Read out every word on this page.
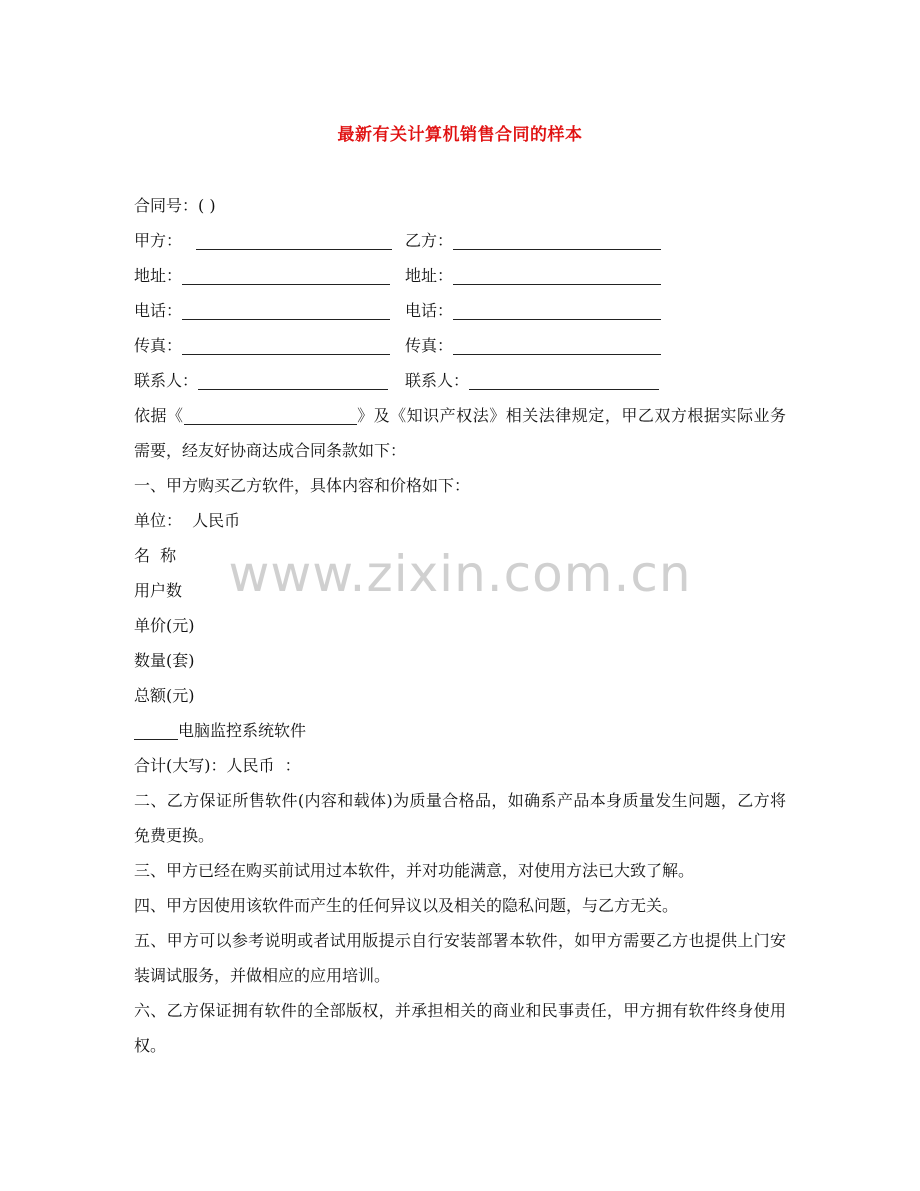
最新有关计算机销售合同的样本
合同号：( )
甲方：	乙方：
地址：	地址：
电话：	电话：
传真：	传真：
联系人：	联系人：
依据《	》及《知识产权法》相关法律规定，甲乙双方根据实际业务需要，经友好协商达成合同条款如下：
一、甲方购买乙方软件，具体内容和价格如下：
单位：  人民币
名  称
用户数
单价(元)
数量(套)
总额(元)
电脑监控系统软件
合计(大写)：人民币  ：
二、乙方保证所售软件(内容和载体)为质量合格品，如确系产品本身质量发生问题，乙方将免费更换。
三、甲方已经在购买前试用过本软件，并对功能满意，对使用方法已大致了解。
四、甲方因使用该软件而产生的任何异议以及相关的隐私问题，与乙方无关。
五、甲方可以参考说明或者试用版提示自行安装部署本软件，如甲方需要乙方也提供上门安装调试服务，并做相应的应用培训。
六、乙方保证拥有软件的全部版权，并承担相关的商业和民事责任，甲方拥有软件终身使用权。
www.zixin.com.cn
